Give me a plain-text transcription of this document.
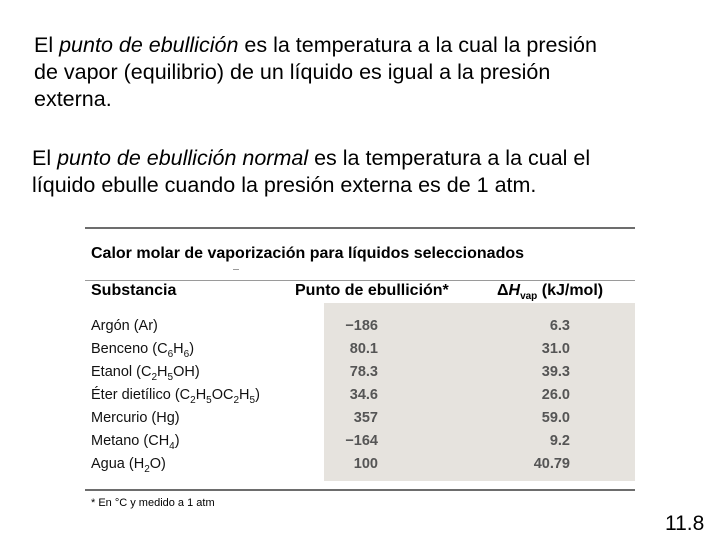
El punto de ebullición es la temperatura a la cual la presión
de vapor (equilibrio) de un líquido es igual a la presión
externa.
El punto de ebullición normal es la temperatura a la cual el
líquido ebulle cuando la presión externa es de 1 atm.
Calor molar de vaporización para líquidos seleccionados
Substancia	Punto de ebullición*	$\Delta H_{vap}$ (kJ/mol)
Argón (Ar)	−186	6.3
Benceno $(C_6H_6)$	80.1	31.0
Etanol $(C_2H_5OH)$	78.3	39.3
Éter dietílico $(C_2H_5OC_2H_5)$	34.6	26.0
Mercurio (Hg)	357	59.0
Metano $(CH_4)$	−164	9.2
Agua $(H_2O)$	100	40.79
* En °C y medido a 1 atm
11.8
